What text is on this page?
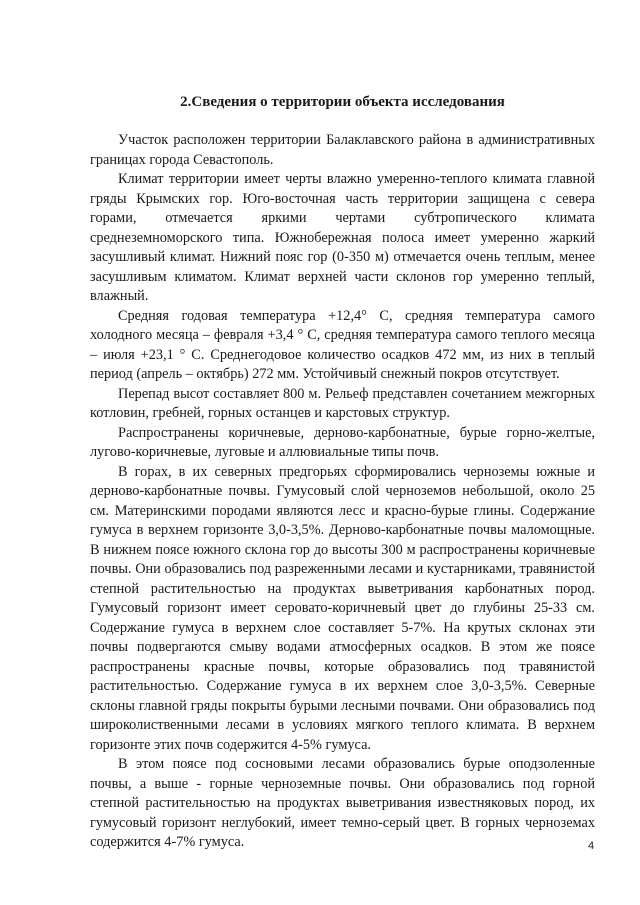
2.Сведения о территории объекта исследования

Участок расположен территории Балаклавского района в административных границах города Севастополь.

Климат территории имеет черты влажно умеренно-теплого климата главной гряды Крымских гор. Юго-восточная часть территории защищена с севера горами, отмечается яркими чертами субтропического климата среднеземноморского типа. Южнобережная полоса имеет умеренно жаркий засушливый климат. Нижний пояс гор (0-350 м) отмечается очень теплым, менее засушливым климатом. Климат верхней части склонов гор умеренно теплый, влажный.

Средняя годовая температура +12,4° С, средняя температура самого холодного месяца – февраля +3,4 ° С, средняя температура самого теплого месяца – июля +23,1 ° С. Среднегодовое количество осадков 472 мм, из них в теплый период (апрель – октябрь) 272 мм. Устойчивый снежный покров отсутствует.

Перепад высот составляет 800 м. Рельеф представлен сочетанием межгорных котловин, гребней, горных останцев и карстовых структур.

Распространены коричневые, дерново-карбонатные, бурые горно-желтые, лугово-коричневые, луговые и аллювиальные типы почв.

В горах, в их северных предгорьях сформировались черноземы южные и дерново-карбонатные почвы. Гумусовый слой черноземов небольшой, около 25 см. Материнскими породами являются лесс и красно-бурые глины. Содержание гумуса в верхнем горизонте 3,0-3,5%. Дерново-карбонатные почвы маломощные. В нижнем поясе южного склона гор до высоты 300 м распространены коричневые почвы. Они образовались под разреженными лесами и кустарниками, травянистой степной растительностью на продуктах выветривания карбонатных пород. Гумусовый горизонт имеет серовато-коричневый цвет до глубины 25-33 см. Содержание гумуса в верхнем слое составляет 5-7%. На крутых склонах эти почвы подвергаются смыву водами атмосферных осадков. В этом же поясе распространены красные почвы, которые образовались под травянистой растительностью. Содержание гумуса в их верхнем слое 3,0-3,5%. Северные склоны главной гряды покрыты бурыми лесными почвами. Они образовались под широколиственными лесами в условиях мягкого теплого климата. В верхнем горизонте этих почв содержится 4-5% гумуса.

В этом поясе под сосновыми лесами образовались бурые оподзоленные почвы, а выше - горные черноземные почвы. Они образовались под горной степной растительностью на продуктах выветривания известняковых пород, их гумусовый горизонт неглубокий, имеет темно-серый цвет. В горных черноземах содержится 4-7% гумуса.	4
